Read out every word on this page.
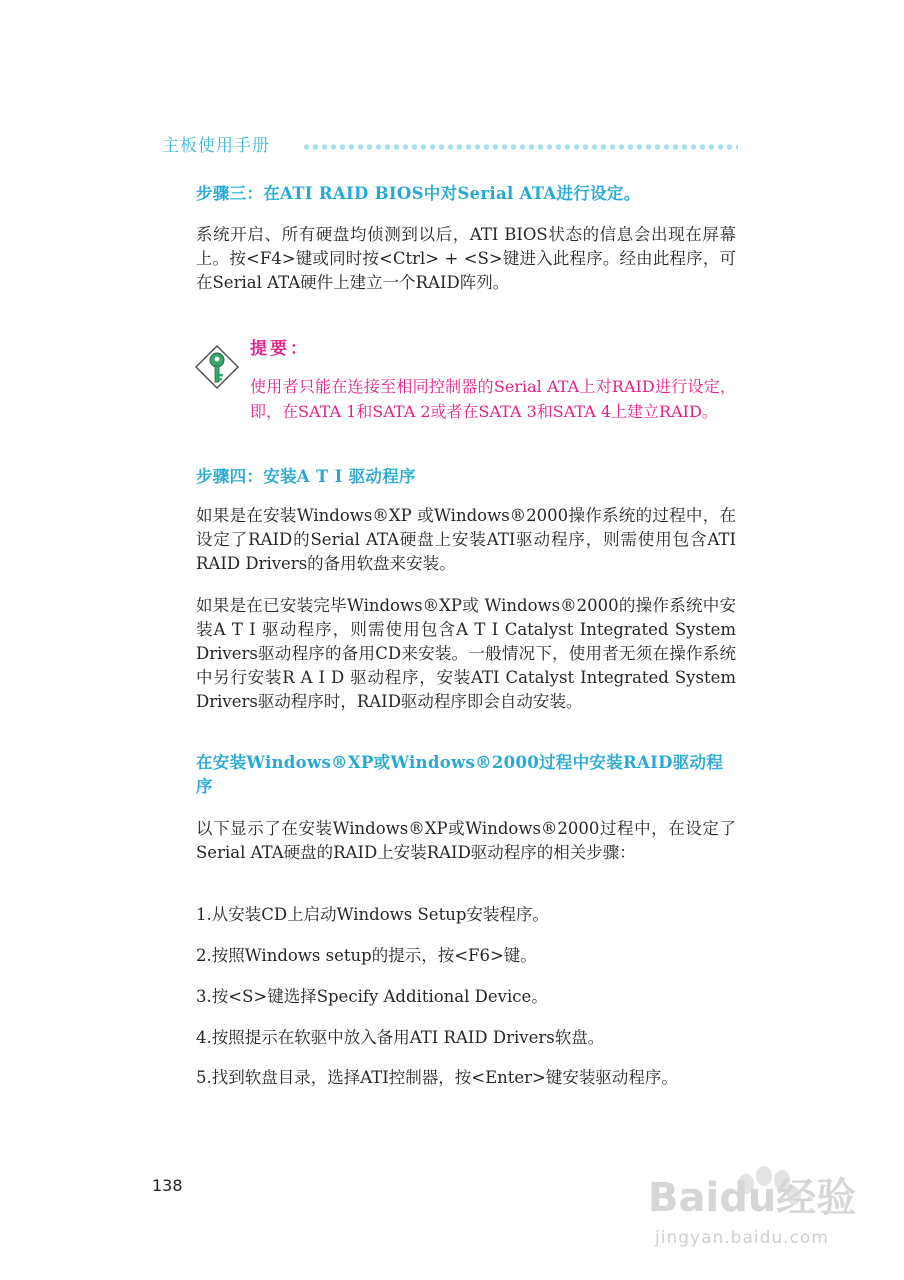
主板使用手册
步骤三：在ATI RAID BIOS中对Serial ATA进行设定。
系统开启、所有硬盘均侦测到以后，ATI BIOS状态的信息会出现在屏幕上。按<F4>键或同时按<Ctrl> + <S>键进入此程序。经由此程序，可在Serial ATA硬件上建立一个RAID阵列。
提要：
使用者只能在连接至相同控制器的Serial ATA上对RAID进行设定，即，在SATA 1和SATA 2或者在SATA 3和SATA 4上建立RAID。
步骤四：安装A T I 驱动程序
如果是在安装Windows®XP 或Windows®2000操作系统的过程中，在设定了RAID的Serial ATA硬盘上安装ATI驱动程序，则需使用包含ATI RAID Drivers的备用软盘来安装。
如果是在已安装完毕Windows®XP或 Windows®2000的操作系统中安装A T I 驱动程序，则需使用包含A T I Catalyst Integrated System Drivers驱动程序的备用CD来安装。一般情况下，使用者无须在操作系统中另行安装R A I D 驱动程序，安装ATI Catalyst Integrated System Drivers驱动程序时，RAID驱动程序即会自动安装。
在安装Windows®XP或Windows®2000过程中安装RAID驱动程序
以下显示了在安装Windows®XP或Windows®2000过程中，在设定了Serial ATA硬盘的RAID上安装RAID驱动程序的相关步骤：
1.从安装CD上启动Windows Setup安装程序。
2.按照Windows setup的提示，按<F6>键。
3.按<S>键选择Specify Additional Device。
4.按照提示在软驱中放入备用ATI RAID Drivers软盘。
5.找到软盘目录，选择ATI控制器，按<Enter>键安装驱动程序。
138	Baidu经验
jingyan.baidu.com
